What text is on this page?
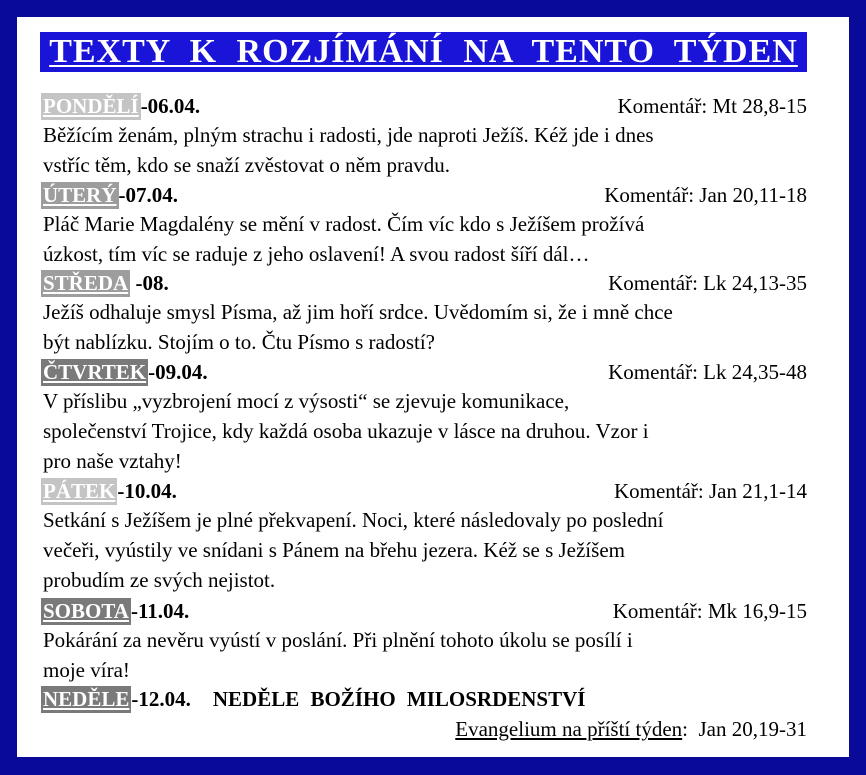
TEXTY K ROZJÍMÁNÍ NA TENTO TÝDEN
PONDĚLÍ-06.04.	Komentář: Mt 28,8-15
Běžícím ženám, plným strachu i radosti, jde naproti Ježíš. Kéž jde i dnes
vstříc těm, kdo se snaží zvěstovat o něm pravdu.
ÚTERÝ-07.04.	Komentář: Jan 20,11-18
Pláč Marie Magdalény se mění v radost. Čím víc kdo s Ježíšem prožívá
úzkost, tím víc se raduje z jeho oslavení! A svou radost šíří dál…
STŘEDA -08.	Komentář: Lk 24,13-35
Ježíš odhaluje smysl Písma, až jim hoří srdce. Uvědomím si, že i mně chce
být nablízku. Stojím o to. Čtu Písmo s radostí?
ČTVRTEK-09.04.	Komentář: Lk 24,35-48
V příslibu „vyzbrojení mocí z výsosti“ se zjevuje komunikace,
společenství Trojice, kdy každá osoba ukazuje v lásce na druhou. Vzor i
pro naše vztahy!
PÁTEK-10.04.	Komentář: Jan 21,1-14
Setkání s Ježíšem je plné překvapení. Noci, které následovaly po poslední
večeři, vyústily ve snídani s Pánem na břehu jezera. Kéž se s Ježíšem
probudím ze svých nejistot.
SOBOTA-11.04.	Komentář: Mk 16,9-15
Pokárání za nevěru vyústí v poslání. Při plnění tohoto úkolu se posílí i
moje víra!
NEDĚLE-12.04. NEDĚLE BOŽÍHO MILOSRDENSTVÍ
Evangelium na příští týden: Jan 20,19-31
